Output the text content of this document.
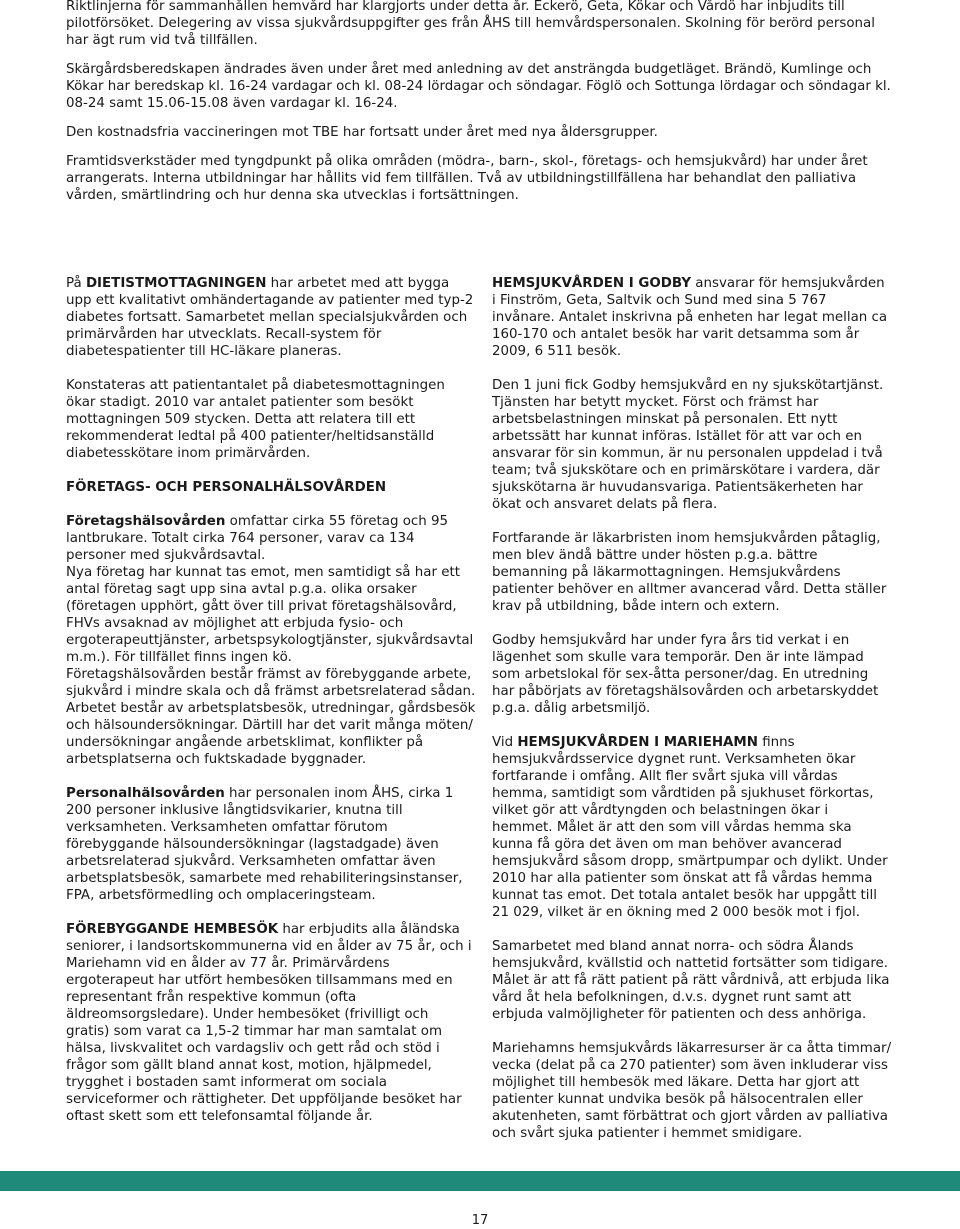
Riktlinjerna för sammanhållen hemvård har klargjorts under detta år. Eckerö, Geta, Kökar och Vårdö har inbjudits till pilotförsöket. Delegering av vissa sjukvårdsuppgifter ges från ÅHS till hemvårdspersonalen. Skolning för berörd personal har ägt rum vid två tillfällen.

Skärgårdsberedskapen ändrades även under året med anledning av det ansträngda budgetläget. Brändö, Kumlinge och Kökar har beredskap kl. 16-24 vardagar och kl. 08-24 lördagar och söndagar. Föglö och Sottunga lördagar och söndagar kl. 08-24 samt 15.06-15.08 även vardagar kl. 16-24.

Den kostnadsfria vaccineringen mot TBE har fortsatt under året med nya åldersgrupper.

Framtidsverkstäder med tyngdpunkt på olika områden (mödra-, barn-, skol-, företags- och hemsjukvård) har under året arrangerats. Interna utbildningar har hållits vid fem tillfällen. Två av utbildningstillfällena har behandlat den palliativa vården, smärtlindring och hur denna ska utvecklas i fortsättningen.

På DIETISTMOTTAGNINGEN har arbetet med att bygga upp ett kvalitativt omhändertagande av patienter med typ-2 diabetes fortsatt. Samarbetet mellan specialsjukvården och primärvården har utvecklats. Recall-system för diabetespatienter till HC-läkare planeras.

Konstateras att patientantalet på diabetesmottagningen ökar stadigt. 2010 var antalet patienter som besökt mottagningen 509 stycken. Detta att relatera till ett rekommenderat ledtal på 400 patienter/heltidsanställd diabetesskötare inom primärvården.

FÖRETAGS- OCH PERSONALHÄLSOVÅRDEN

Företagshälsovården omfattar cirka 55 företag och 95 lantbrukare. Totalt cirka 764 personer, varav ca 134 personer med sjukvårdsavtal.

Nya företag har kunnat tas emot, men samtidigt så har ett antal företag sagt upp sina avtal p.g.a. olika orsaker (företagen upphört, gått över till privat företagshälsovård, FHVs avsaknad av möjlighet att erbjuda fysio- och ergoterapeuttjänster, arbetspsykologtjänster, sjukvårdsavtal m.m.). För tillfället finns ingen kö.

Företagshälsovården består främst av förebyggande arbete, sjukvård i mindre skala och då främst arbetsrelaterad sådan. Arbetet består av arbetsplatsbesök, utredningar, gårdsbesök och hälsoundersökningar. Därtill har det varit många möten/ undersökningar angående arbetsklimat, konflikter på arbetsplatserna och fuktskadade byggnader.

Personalhälsovården har personalen inom ÅHS, cirka 1 200 personer inklusive långtidsvikarier, knutna till verksamheten. Verksamheten omfattar förutom förebyggande hälsoundersökningar (lagstadgade) även arbetsrelaterad sjukvård. Verksamheten omfattar även arbetsplatsbesök, samarbete med rehabiliteringsinstanser, FPA, arbetsförmedling och omplaceringsteam.

FÖREBYGGANDE HEMBESÖK har erbjudits alla åländska seniorer, i landsortskommunerna vid en ålder av 75 år, och i Mariehamn vid en ålder av 77 år. Primärvårdens ergoterapeut har utfört hembesöken tillsammans med en representant från respektive kommun (ofta äldreomsorgsledare). Under hembesöket (frivilligt och gratis) som varat ca 1,5-2 timmar har man samtalat om hälsa, livskvalitet och vardagsliv och gett råd och stöd i frågor som gällt bland annat kost, motion, hjälpmedel, trygghet i bostaden samt informerat om sociala serviceformer och rättigheter. Det uppföljande besöket har oftast skett som ett telefonsamtal följande år.

HEMSJUKVÅRDEN I GODBY ansvarar för hemsjukvården i Finström, Geta, Saltvik och Sund med sina 5 767 invånare. Antalet inskrivna på enheten har legat mellan ca 160-170 och antalet besök har varit detsamma som år 2009, 6 511 besök.

Den 1 juni fick Godby hemsjukvård en ny sjukskötartjänst. Tjänsten har betytt mycket. Först och främst har arbetsbelastningen minskat på personalen. Ett nytt arbetssätt har kunnat införas. Istället för att var och en ansvarar för sin kommun, är nu personalen uppdelad i två team; två sjukskötare och en primärskötare i vardera, där sjukskötarna är huvudansvariga. Patientsäkerheten har ökat och ansvaret delats på flera.

Fortfarande är läkarbristen inom hemsjukvården påtaglig, men blev ändå bättre under hösten p.g.a. bättre bemanning på läkarmottagningen. Hemsjukvårdens patienter behöver en alltmer avancerad vård. Detta ställer krav på utbildning, både intern och extern.

Godby hemsjukvård har under fyra års tid verkat i en lägenhet som skulle vara temporär. Den är inte lämpad som arbetslokal för sex-åtta personer/dag. En utredning har påbörjats av företagshälsovården och arbetarskyddet p.g.a. dålig arbetsmiljö.

Vid HEMSJUKVÅRDEN I MARIEHAMN finns hemsjukvårdsservice dygnet runt. Verksamheten ökar fortfarande i omfång. Allt fler svårt sjuka vill vårdas hemma, samtidigt som vårdtiden på sjukhuset förkortas, vilket gör att vårdtyngden och belastningen ökar i hemmet. Målet är att den som vill vårdas hemma ska kunna få göra det även om man behöver avancerad hemsjukvård såsom dropp, smärtpumpar och dylikt. Under 2010 har alla patienter som önskat att få vårdas hemma kunnat tas emot. Det totala antalet besök har uppgått till 21 029, vilket är en ökning med 2 000 besök mot i fjol.

Samarbetet med bland annat norra- och södra Ålands hemsjukvård, kvällstid och nattetid fortsätter som tidigare. Målet är att få rätt patient på rätt vårdnivå, att erbjuda lika vård åt hela befolkningen, d.v.s. dygnet runt samt att erbjuda valmöjligheter för patienten och dess anhöriga.

Mariehamns hemsjukvårds läkarresurser är ca åtta timmar/ vecka (delat på ca 270 patienter) som även inkluderar viss möjlighet till hembesök med läkare. Detta har gjort att patienter kunnat undvika besök på hälsocentralen eller akutenheten, samt förbättrat och gjort vården av palliativa och svårt sjuka patienter i hemmet smidigare.

17
